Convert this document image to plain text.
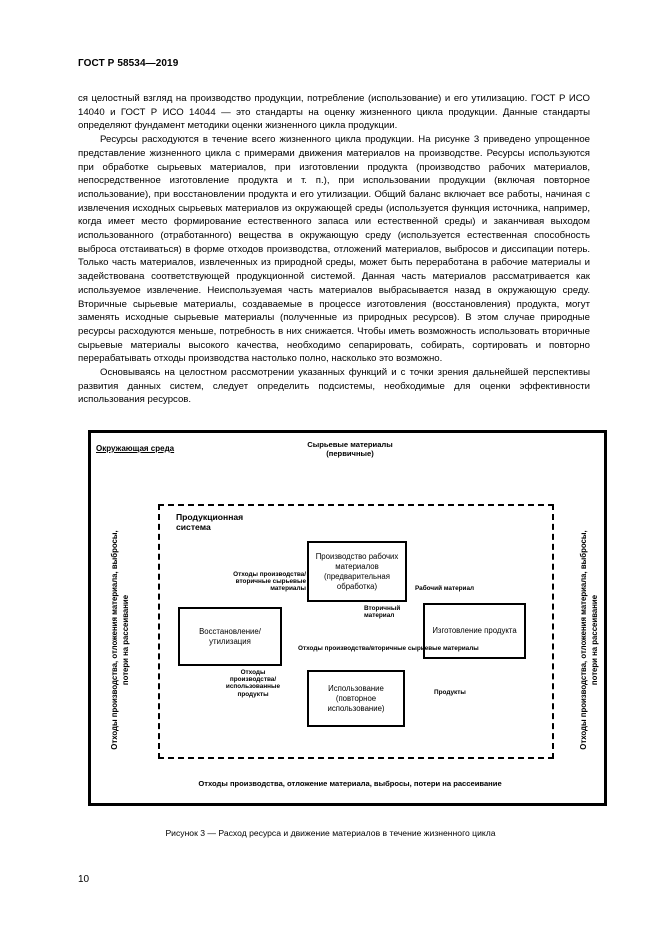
ГОСТ Р 58534—2019

ся целостный взгляд на производство продукции, потребление (использование) и его утилизацию. ГОСТ Р ИСО 14040 и ГОСТ Р ИСО 14044 — это стандарты на оценку жизненного цикла продукции. Данные стандарты определяют фундамент методики оценки жизненного цикла продукции.

Ресурсы расходуются в течение всего жизненного цикла продукции. На рисунке 3 приведено упрощенное представление жизненного цикла с примерами движения материалов на производстве. Ресурсы используются при обработке сырьевых материалов, при изготовлении продукта (производство рабочих материалов, непосредственное изготовление продукта и т. п.), при использовании продукции (включая повторное использование), при восстановлении продукта и его утилизации. Общий баланс включает все работы, начиная с извлечения исходных сырьевых материалов из окружающей среды (используется функция источника, например, когда имеет место формирование естественного запаса или естественной среды) и заканчивая выходом использованного (отработанного) вещества в окружающую среду (используется естественная способность выброса отстаиваться) в форме отходов производства, отложений материалов, выбросов и диссипации потерь. Только часть материалов, извлеченных из природной среды, может быть переработана в рабочие материалы и задействована соответствующей продукционной системой. Данная часть материалов рассматривается как используемое извлечение. Неиспользуемая часть материалов выбрасывается назад в окружающую среду. Вторичные сырьевые материалы, создаваемые в процессе изготовления (восстановления) продукта, могут заменять исходные сырьевые материалы (полученные из природных ресурсов). В этом случае природные ресурсы расходуются меньше, потребность в них снижается. Чтобы иметь возможность использовать вторичные сырьевые материалы высокого качества, необходимо сепарировать, собирать, сортировать и повторно перерабатывать отходы производства настолько полно, насколько это возможно.

Основываясь на целостном рассмотрении указанных функций и с точки зрения дальнейшей перспективы развития данных систем, следует определить подсистемы, необходимые для оценки эффективности использования ресурсов.

Окружающая среда	Сырьевые материалы
(первичные)
Продукционная
система
Отходы производства, отложения материала, выбросы, потери на рассеивание	Отходы производства, отложения материала, выбросы, потери на рассеивание
Производство рабочих материалов (предварительная обработка)
Восстановление/ утилизация
Изготовление продукта
Использование (повторное использование)
Отходы производства/ вторичные сырьевые материалы	Рабочий материал
Вторичный материал
Отходы производства/вторичные сырьевые материалы
Отходы производства/ использованные продукты	Продукты
Отходы производства, отложение материала, выбросы, потери на рассеивание
Рисунок 3 — Расход ресурса и движение материалов в течение жизненного цикла
10
